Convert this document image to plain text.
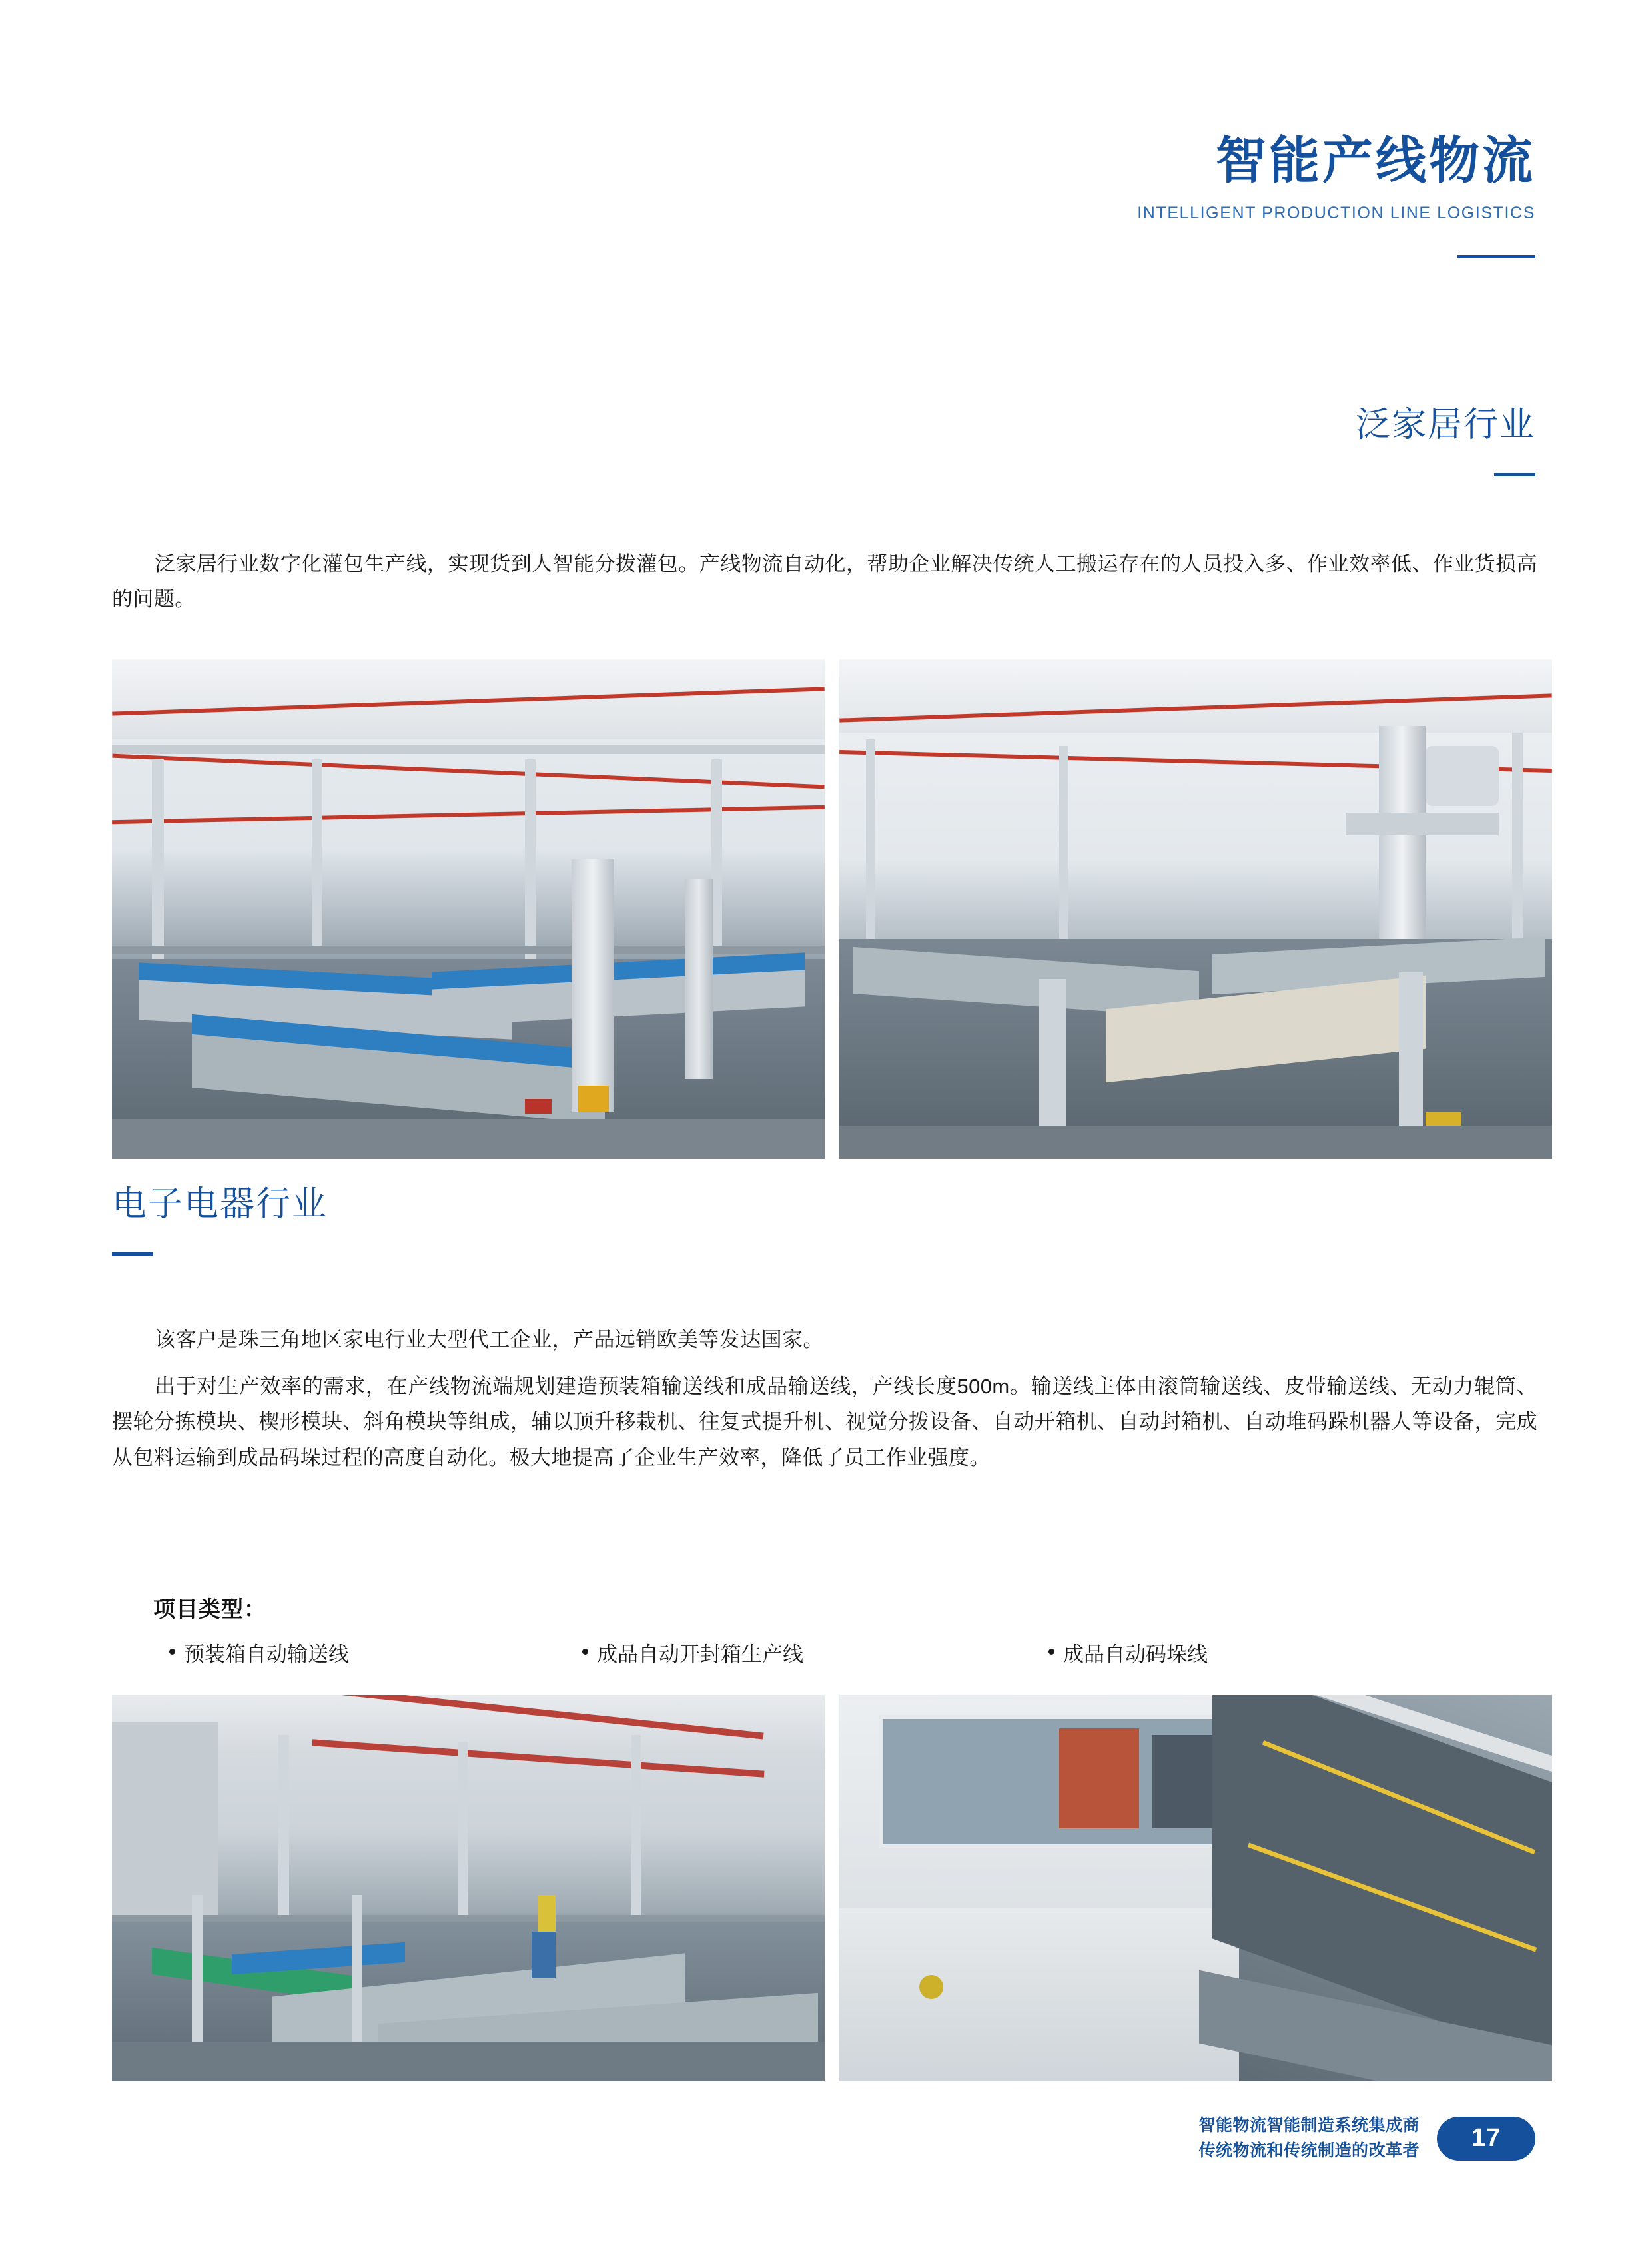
智能产线物流
INTELLIGENT PRODUCTION LINE LOGISTICS
泛家居行业
泛家居行业数字化灌包生产线，实现货到人智能分拨灌包。产线物流自动化，帮助企业解决传统人工搬运存在的人员投入多、作业效率低、作业货损高的问题。
电子电器行业
该客户是珠三角地区家电行业大型代工企业，产品远销欧美等发达国家。
出于对生产效率的需求，在产线物流端规划建造预装箱输送线和成品输送线，产线长度500m。输送线主体由滚筒输送线、皮带输送线、无动力辊筒、摆轮分拣模块、楔形模块、斜角模块等组成，辅以顶升移栽机、往复式提升机、视觉分拨设备、自动开箱机、自动封箱机、自动堆码跺机器人等设备，完成从包料运输到成品码垛过程的高度自动化。极大地提高了企业生产效率，降低了员工作业强度。
项目类型：
预装箱自动输送线	成品自动开封箱生产线	成品自动码垛线
智能物流智能制造系统集成商
传统物流和传统制造的改革者	17
